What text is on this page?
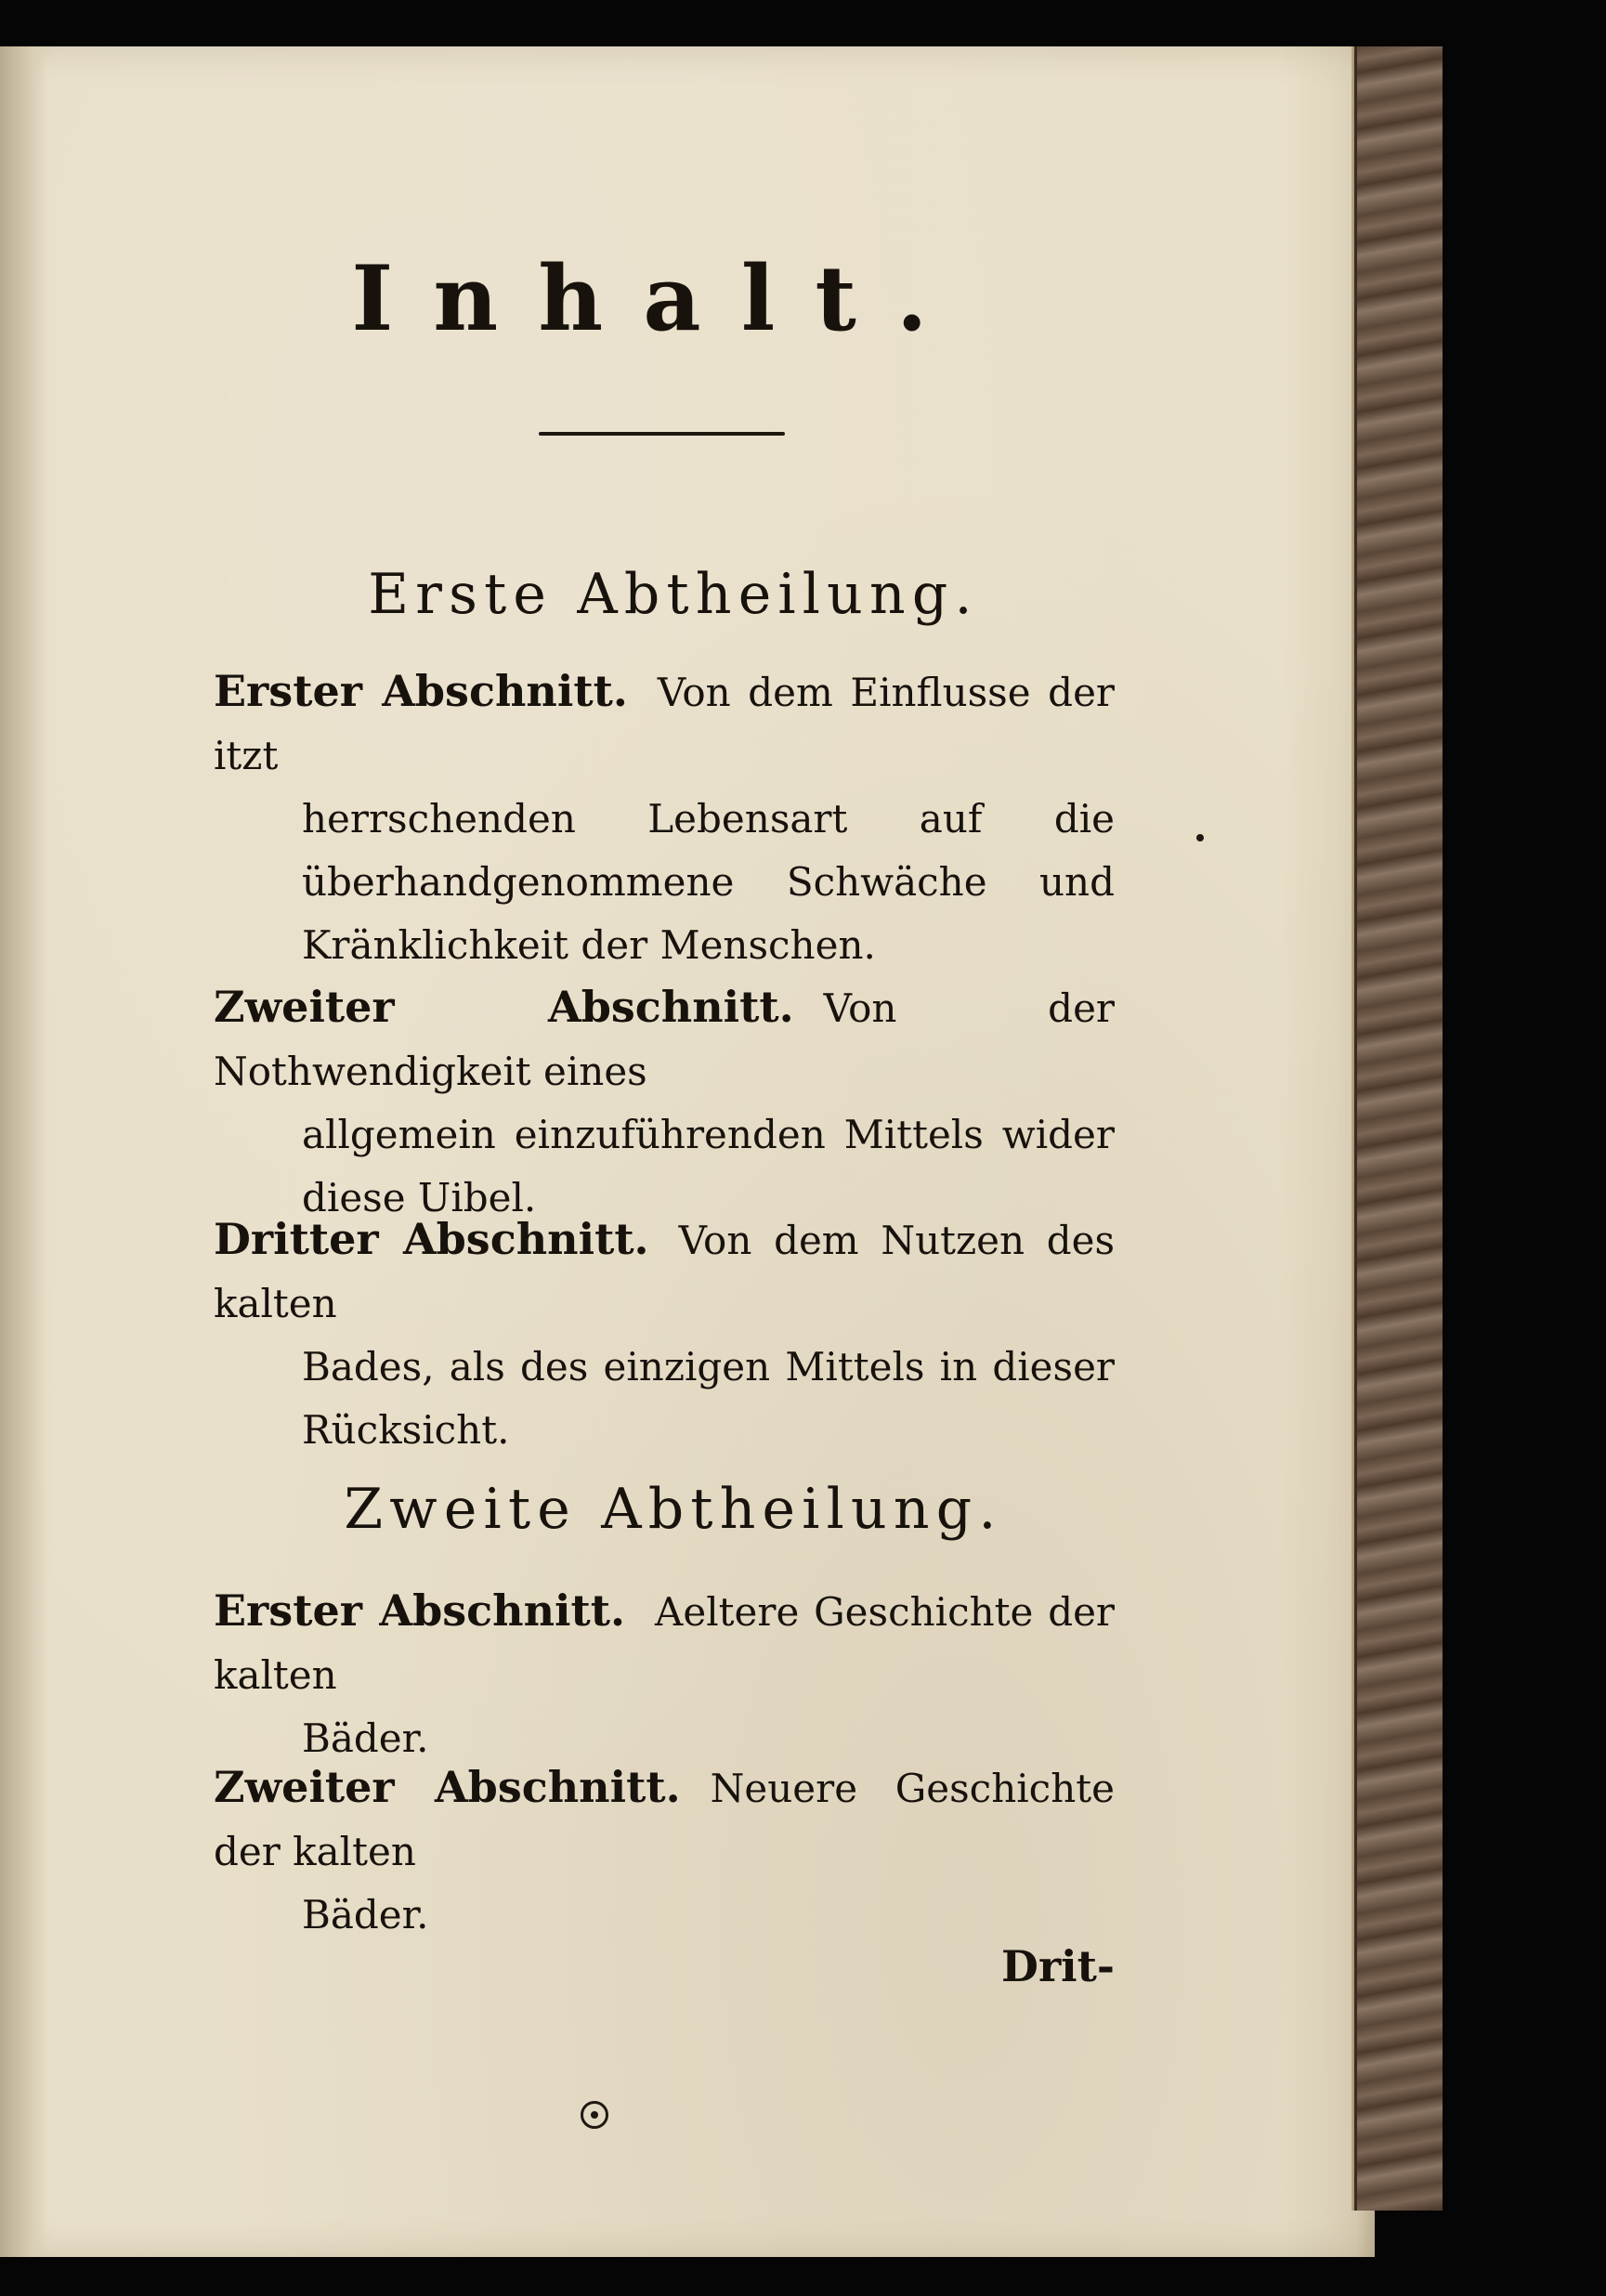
Inhalt.
Erste Abtheilung.
Erster Abschnitt. Von dem Einflusse der itzt
herrschenden Lebensart auf die überhandgenommene Schwäche und Kränklichkeit der Menschen.
Zweiter Abschnitt. Von der Nothwendigkeit eines
allgemein einzuführenden Mittels wider diese Uibel.
Dritter Abschnitt. Von dem Nutzen des kalten
Bades, als des einzigen Mittels in dieser Rücksicht.
Zweite Abtheilung.
Erster Abschnitt. Aeltere Geschichte der kalten
Bäder.
Zweiter Abschnitt. Neuere Geschichte der kalten
Bäder.
Drit-
